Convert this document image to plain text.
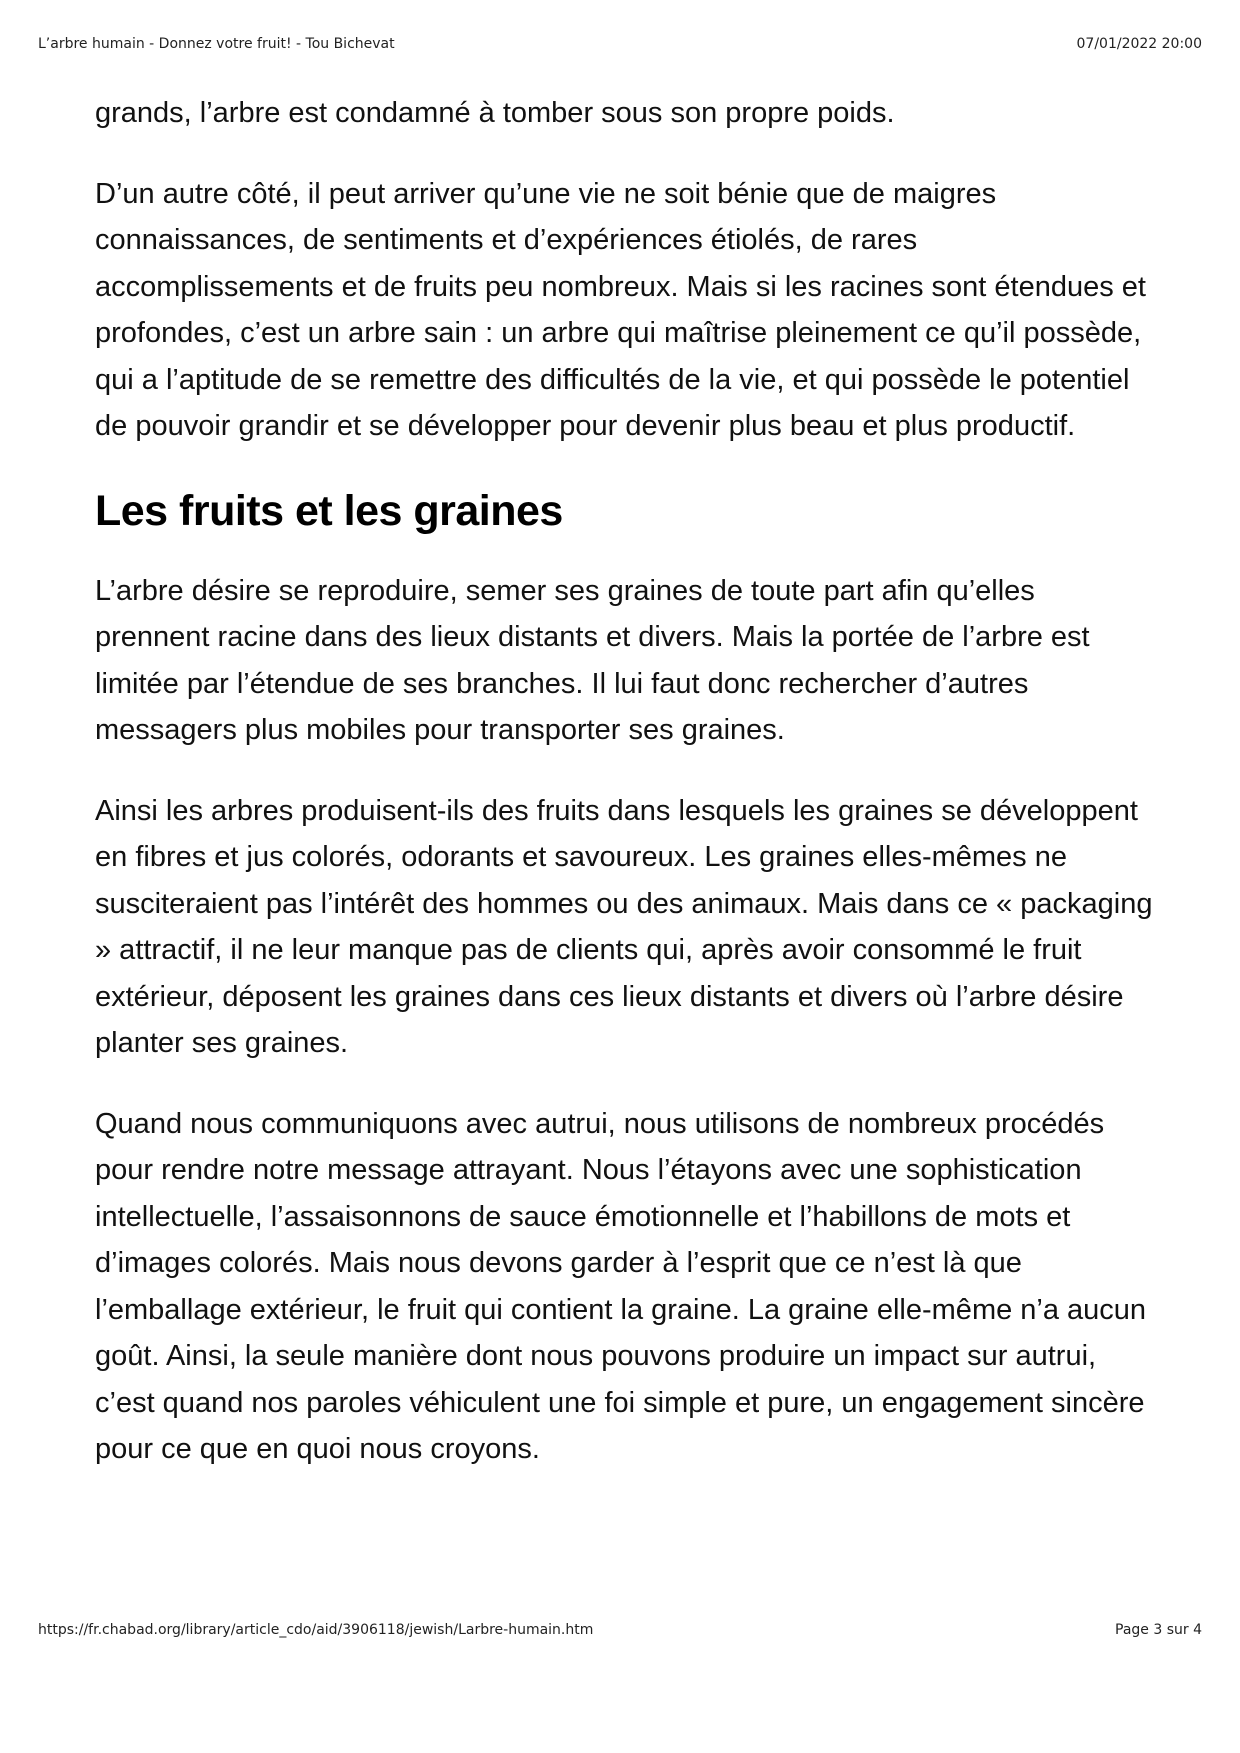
L’arbre humain - Donnez votre fruit! - Tou Bichevat	07/01/2022 20:00

grands, l’arbre est condamné à tomber sous son propre poids.

D’un autre côté, il peut arriver qu’une vie ne soit bénie que de maigres connaissances, de sentiments et d’expériences étiolés, de rares accomplissements et de fruits peu nombreux. Mais si les racines sont étendues et profondes, c’est un arbre sain : un arbre qui maîtrise pleinement ce qu’il possède, qui a l’aptitude de se remettre des difficultés de la vie, et qui possède le potentiel de pouvoir grandir et se développer pour devenir plus beau et plus productif.

Les fruits et les graines

L’arbre désire se reproduire, semer ses graines de toute part afin qu’elles prennent racine dans des lieux distants et divers. Mais la portée de l’arbre est limitée par l’étendue de ses branches. Il lui faut donc rechercher d’autres messagers plus mobiles pour transporter ses graines.

Ainsi les arbres produisent-ils des fruits dans lesquels les graines se développent en fibres et jus colorés, odorants et savoureux. Les graines elles-mêmes ne susciteraient pas l’intérêt des hommes ou des animaux. Mais dans ce « packaging » attractif, il ne leur manque pas de clients qui, après avoir consommé le fruit extérieur, déposent les graines dans ces lieux distants et divers où l’arbre désire planter ses graines.

Quand nous communiquons avec autrui, nous utilisons de nombreux procédés pour rendre notre message attrayant. Nous l’étayons avec une sophistication intellectuelle, l’assaisonnons de sauce émotionnelle et l’habillons de mots et d’images colorés. Mais nous devons garder à l’esprit que ce n’est là que l’emballage extérieur, le fruit qui contient la graine. La graine elle-même n’a aucun goût. Ainsi, la seule manière dont nous pouvons produire un impact sur autrui, c’est quand nos paroles véhiculent une foi simple et pure, un engagement sincère pour ce que en quoi nous croyons.

https://fr.chabad.org/library/article_cdo/aid/3906118/jewish/Larbre-humain.htm	Page 3 sur 4
